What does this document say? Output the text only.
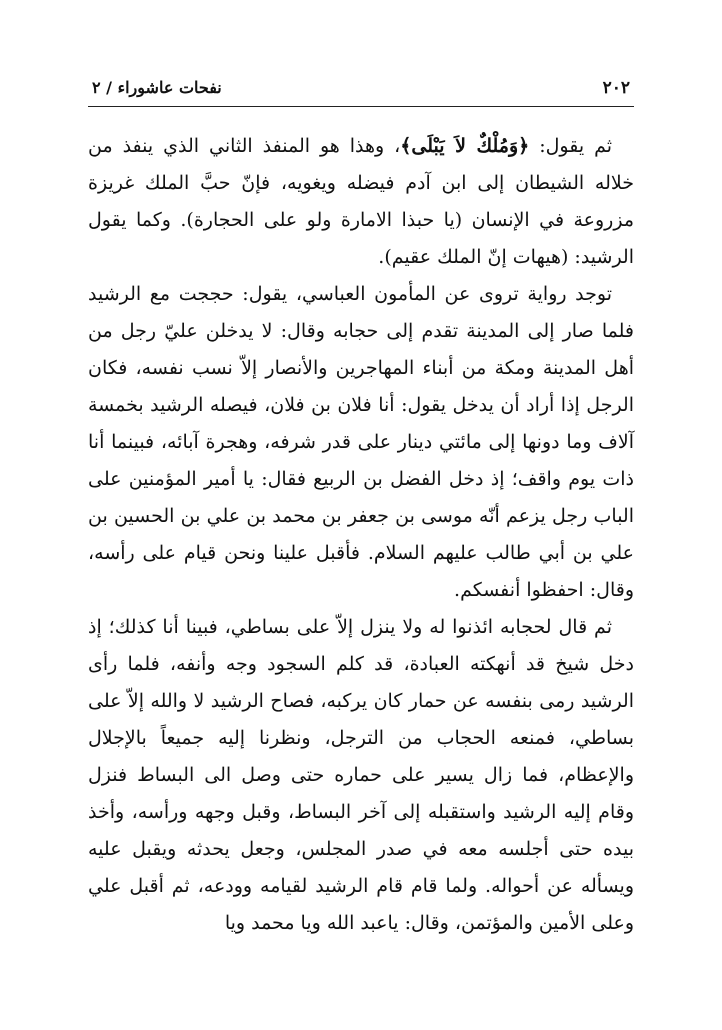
٢٠٢
نفحات عاشوراء / ٢

ثم يقول: ﴿وَمُلْكٌ لاَ يَبْلَى﴾، وهذا هو المنفذ الثاني الذي ينفذ من خلاله الشيطان إلى ابن آدم فيضله ويغويه، فإنّ حبَّ الملك غريزة مزروعة في الإنسان (يا حبذا الامارة ولو على الحجارة). وكما يقول الرشيد: (هيهات إنّ الملك عقيم).

توجد رواية تروى عن المأمون العباسي، يقول: حججت مع الرشيد فلما صار إلى المدينة تقدم إلى حجابه وقال: لا يدخلن عليّ رجل من أهل المدينة ومكة من أبناء المهاجرين والأنصار إلاّ نسب نفسه، فكان الرجل إذا أراد أن يدخل يقول: أنا فلان بن فلان، فيصله الرشيد بخمسة آلاف وما دونها إلى مائتي دينار على قدر شرفه، وهجرة آبائه، فبينما أنا ذات يوم واقف؛ إذ دخل الفضل بن الربيع فقال: يا أمير المؤمنين على الباب رجل يزعم أنّه موسى بن جعفر بن محمد بن علي بن الحسين بن علي بن أبي طالب عليهم السلام. فأقبل علينا ونحن قيام على رأسه، وقال: احفظوا أنفسكم.

ثم قال لحجابه ائذنوا له ولا ينزل إلاّ على بساطي، فبينا أنا كذلك؛ إذ دخل شيخ قد أنهكته العبادة، قد كلم السجود وجه وأنفه، فلما رأى الرشيد رمى بنفسه عن حمار كان يركبه، فصاح الرشيد لا والله إلاّ على بساطي، فمنعه الحجاب من الترجل، ونظرنا إليه جميعاً بالإجلال والإعظام، فما زال يسير على حماره حتى وصل الى البساط فنزل وقام إليه الرشيد واستقبله إلى آخر البساط، وقبل وجهه ورأسه، وأخذ بيده حتى أجلسه معه في صدر المجلس، وجعل يحدثه ويقبل عليه ويسأله عن أحواله. ولما قام قام الرشيد لقيامه وودعه، ثم أقبل علي وعلى الأمين والمؤتمن، وقال: ياعبد الله ويا محمد ويا
